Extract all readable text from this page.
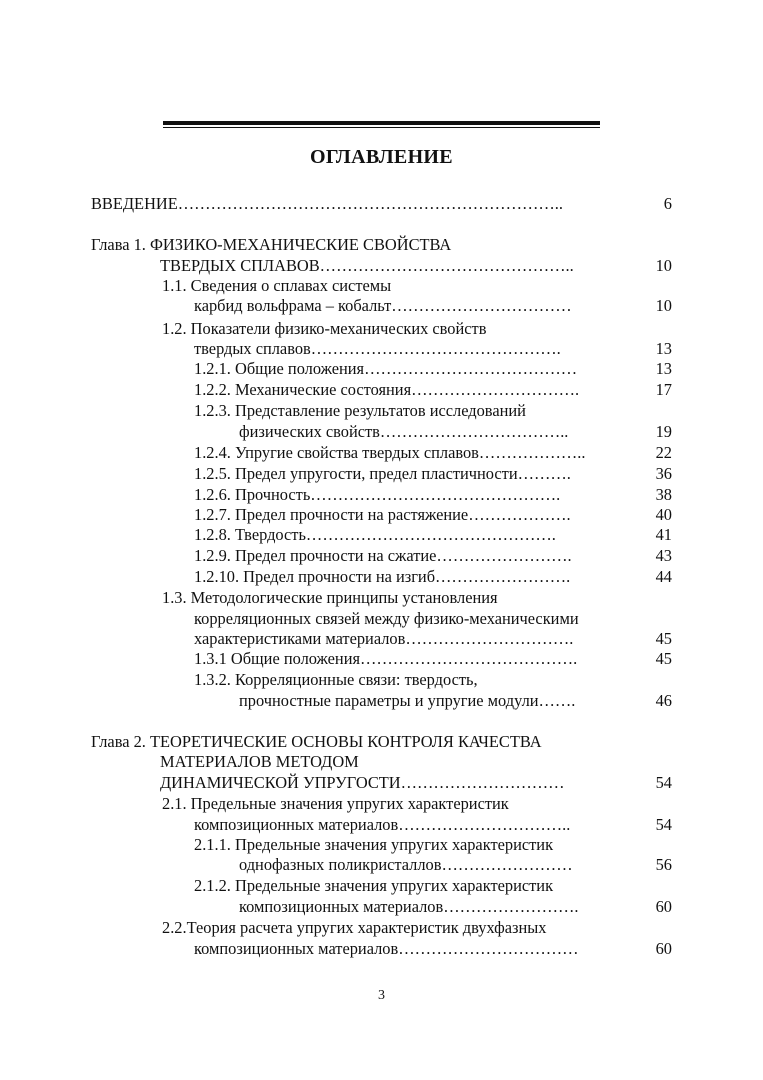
ОГЛАВЛЕНИЕ
ВВЕДЕНИЕ……………………………………………………………..	6
Глава 1. ФИЗИКО-МЕХАНИЧЕСКИЕ СВОЙСТВА
ТВЕРДЫХ СПЛАВОВ………………………………………..	10
1.1. Сведения о сплавах системы
карбид вольфрама – кобальт……………………………	10
1.2. Показатели физико-механических свойств
твердых сплавов……………………………………….	13
1.2.1. Общие положения…………………………………	13
1.2.2. Механические состояния………………………….	17
1.2.3. Представление результатов исследований
физических свойств……………………………..	19
1.2.4. Упругие свойства твердых сплавов………………..	22
1.2.5. Предел упругости, предел пластичности……….	36
1.2.6. Прочность……………………………………….	38
1.2.7. Предел прочности на растяжение……………….	40
1.2.8. Твердость……………………………………….	41
1.2.9. Предел прочности на сжатие…………………….	43
1.2.10. Предел прочности на изгиб…………………….	44
1.3. Методологические принципы установления
корреляционных связей между физико-механическими
характеристиками материалов………………………….	45
1.3.1 Общие положения………………………………….	45
1.3.2. Корреляционные связи: твердость,
прочностные параметры и упругие модули…….	46
Глава 2. ТЕОРЕТИЧЕСКИЕ ОСНОВЫ КОНТРОЛЯ КАЧЕСТВА
МАТЕРИАЛОВ МЕТОДОМ
ДИНАМИЧЕСКОЙ УПРУГОСТИ…………………………	54
2.1. Предельные значения упругих характеристик
композиционных материалов…………………………..	54
2.1.1. Предельные значения упругих характеристик
однофазных поликристаллов……………………	56
2.1.2. Предельные значения упругих характеристик
композиционных материалов…………………….	60
2.2.Теория расчета упругих характеристик двухфазных
композиционных материалов……………………………	60
3
